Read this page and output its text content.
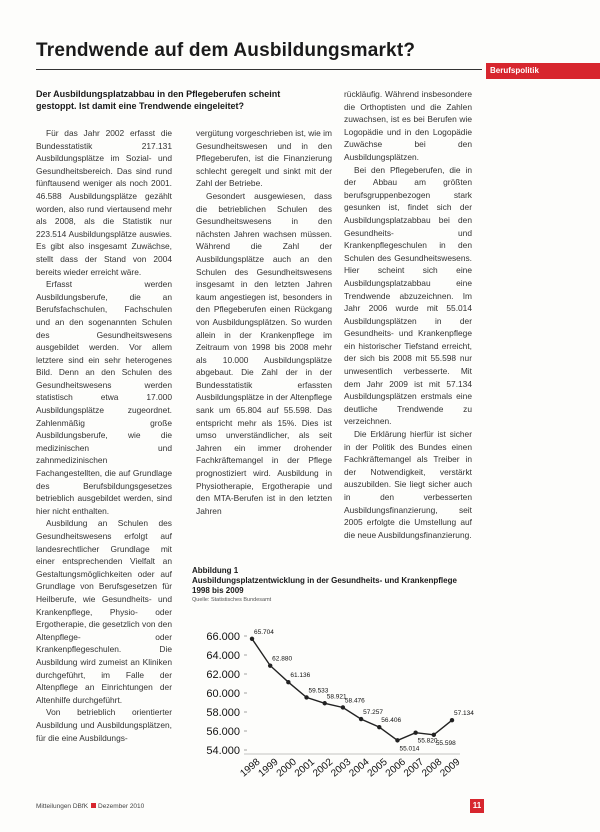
Trendwende auf dem Ausbildungsmarkt?
Berufspolitik
Der Ausbildungsplatzabbau in den Pflegeberufen scheint gestoppt. Ist damit eine Trendwende eingeleitet?

Für das Jahr 2002 erfasst die Bundesstatistik 217.131 Ausbildungsplätze im Sozial- und Gesundheitsbereich. Das sind rund fünftausend weniger als noch 2001. 46.588 Ausbildungsplätze gezählt worden, also rund viertausend mehr als 2008, als die Statistik nur 223.514 Ausbildungsplätze auswies. Es gibt also insgesamt Zuwächse, stellt dass der Stand von 2004 bereits wieder erreicht wäre.

Erfasst werden Ausbildungsberufe, die an Berufsfachschulen, Fachschulen und an den sogenannten Schulen des Gesundheitswesens ausgebildet werden. Vor allem letztere sind ein sehr heterogenes Bild. Denn an den Schulen des Gesundheitswesens werden statistisch etwa 17.000 Ausbildungsplätze zugeordnet. Zahlenmäßig große Ausbildungsberufe, wie die medizinischen und zahnmedizinischen Fachangestellten, die auf Grundlage des Berufsbildungsgesetzes betrieblich ausgebildet werden, sind hier nicht enthalten.

Ausbildung an Schulen des Gesundheitswesens erfolgt auf landesrechtlicher Grundlage mit einer entsprechenden Vielfalt an Gestaltungsmöglichkeiten oder auf Grundlage von Berufsgesetzen für Heilberufe, wie Gesundheits- und Krankenpflege, Physio- oder Ergotherapie, die gesetzlich von den Altenpflege- oder Krankenpflegeschulen. Die Ausbildung wird zumeist an Kliniken durchgeführt, im Falle der Altenpflege an Einrichtungen der Altenhilfe durchgeführt.

Von betrieblich orientierter Ausbildung und Ausbildungsplätzen, für die eine Ausbildungs-

vergütung vorgeschrieben ist, wie im Gesundheitswesen und in den Pflegeberufen, ist die Finanzierung schlecht geregelt und sinkt mit der Zahl der Betriebe.

Gesondert ausgewiesen, dass die betrieblichen Schulen des Gesundheitswesens in den nächsten Jahren wachsen müssen. Während die Zahl der Ausbildungsplätze auch an den Schulen des Gesundheitswesens insgesamt in den letzten Jahren kaum angestiegen ist, besonders in den Pflegeberufen einen Rückgang von Ausbildungsplätzen. So wurden allein in der Krankenpflege im Zeitraum von 1998 bis 2008 mehr als 10.000 Ausbildungsplätze abgebaut. Die Zahl der in der Bundesstatistik erfassten Ausbildungsplätze in der Altenpflege sank um 65.804 auf 55.598. Das entspricht mehr als 15%. Dies ist umso unverständlicher, als seit Jahren ein immer drohender Fachkräftemangel in der Pflege prognostiziert wird. Ausbildung in Physiotherapie, Ergotherapie und den MTA-Berufen ist in den letzten Jahren

rückläufig. Während insbesondere die Orthoptisten und die Zahlen zuwachsen, ist es bei Berufen wie Logopädie und in den Logopädie Zuwächse bei den Ausbildungsplätzen.

Bei den Pflegeberufen, die in der Abbau am größten berufsgruppenbezogen stark gesunken ist, findet sich der Ausbildungsplatzabbau bei den Gesundheits- und Krankenpflegeschulen in den Schulen des Gesundheitswesens. Hier scheint sich eine Ausbildungsplatzabbau eine Trendwende abzuzeichnen. Im Jahr 2006 wurde mit 55.014 Ausbildungsplätzen in der Gesundheits- und Krankenpflege ein historischer Tiefstand erreicht, der sich bis 2008 mit 55.598 nur unwesentlich verbesserte. Mit dem Jahr 2009 ist mit 57.134 Ausbildungsplätzen erstmals eine deutliche Trendwende zu verzeichnen.

Die Erklärung hierfür ist sicher in der Politik des Bundes einen Fachkräftemangel als Treiber in der Notwendigkeit, verstärkt auszubilden. Sie liegt sicher auch in den verbesserten Ausbildungsfinanzierung, seit 2005 erfolgte die Umstellung auf die neue Ausbildungsfinanzierung.

Abbildung 1
Ausbildungsplatzentwicklung in der Gesundheits- und Krankenpflege 1998 bis 2009
Quelle: Statistisches Bundesamt
66.000
64.000
62.000
60.000
58.000
56.000
54.000
65.704
62.880
61.136
59.533
58.921
58.476
57.257
56.406
55.014
55.820
55.598
57.134
1998
1999
2000
2001
2002
2003
2004
2005
2006
2007
2008
2009
Mitteilungen DBfK Dezember 2010	11
